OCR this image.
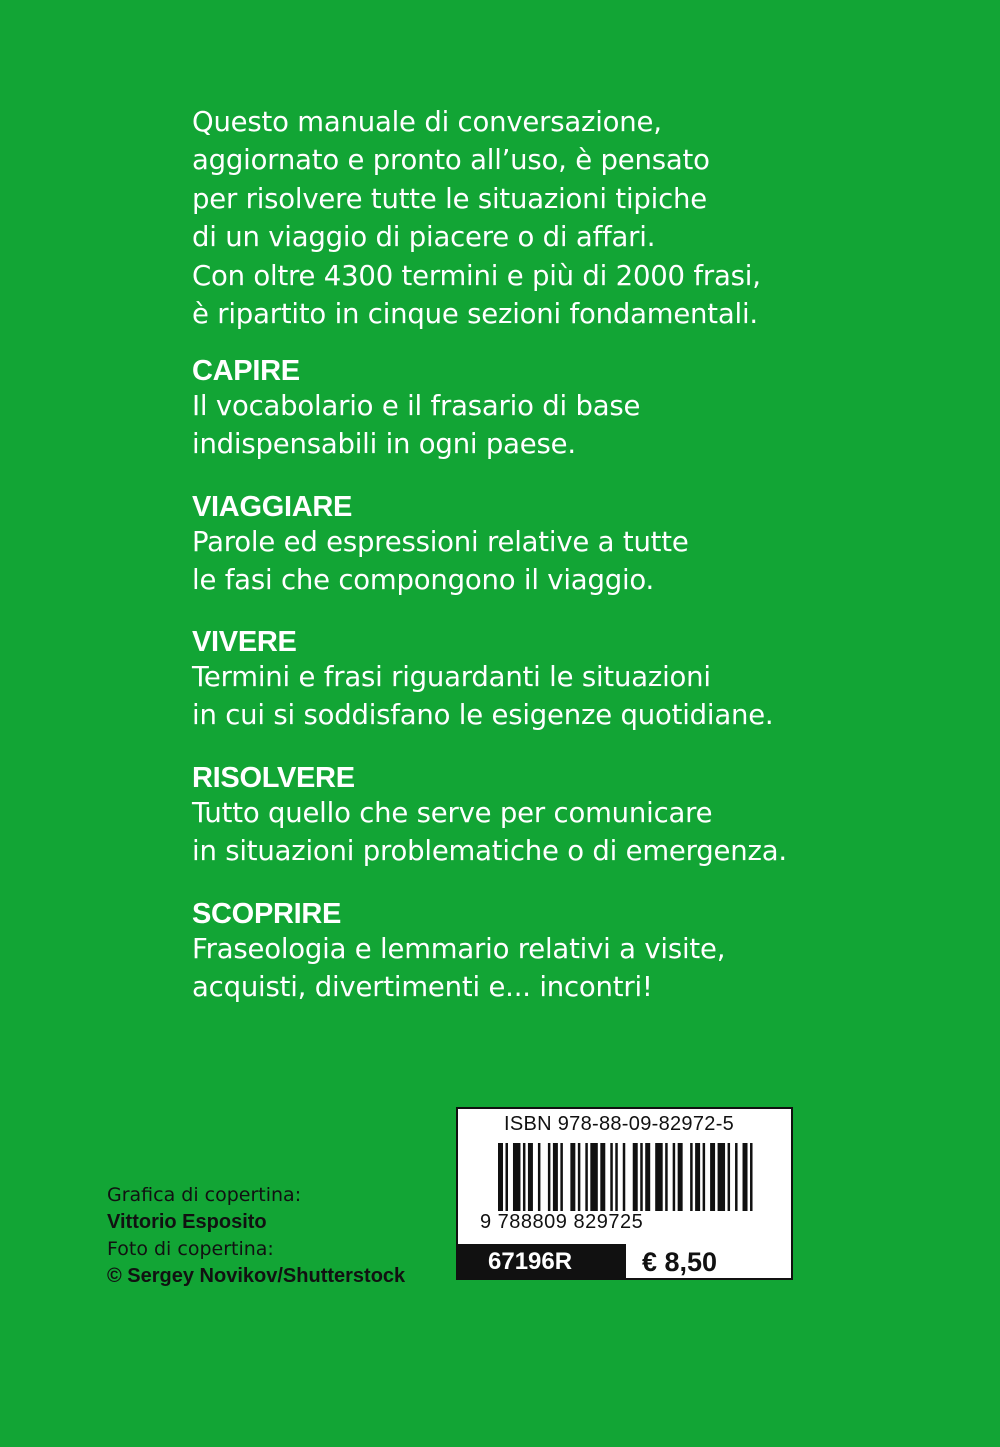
Questo manuale di conversazione,
aggiornato e pronto all’uso, è pensato
per risolvere tutte le situazioni tipiche
di un viaggio di piacere o di affari.
Con oltre 4300 termini e più di 2000 frasi,
è ripartito in cinque sezioni fondamentali.
CAPIRE
Il vocabolario e il frasario di base
indispensabili in ogni paese.
VIAGGIARE
Parole ed espressioni relative a tutte
le fasi che compongono il viaggio.
VIVERE
Termini e frasi riguardanti le situazioni
in cui si soddisfano le esigenze quotidiane.
RISOLVERE
Tutto quello che serve per comunicare
in situazioni problematiche o di emergenza.
SCOPRIRE
Fraseologia e lemmario relativi a visite,
acquisti, divertimenti e... incontri!
Grafica di copertina:
Vittorio Esposito
Foto di copertina:
© Sergey Novikov/Shutterstock
ISBN 978-88-09-82972-5
9 788809 829725
67196R	€ 8,50
